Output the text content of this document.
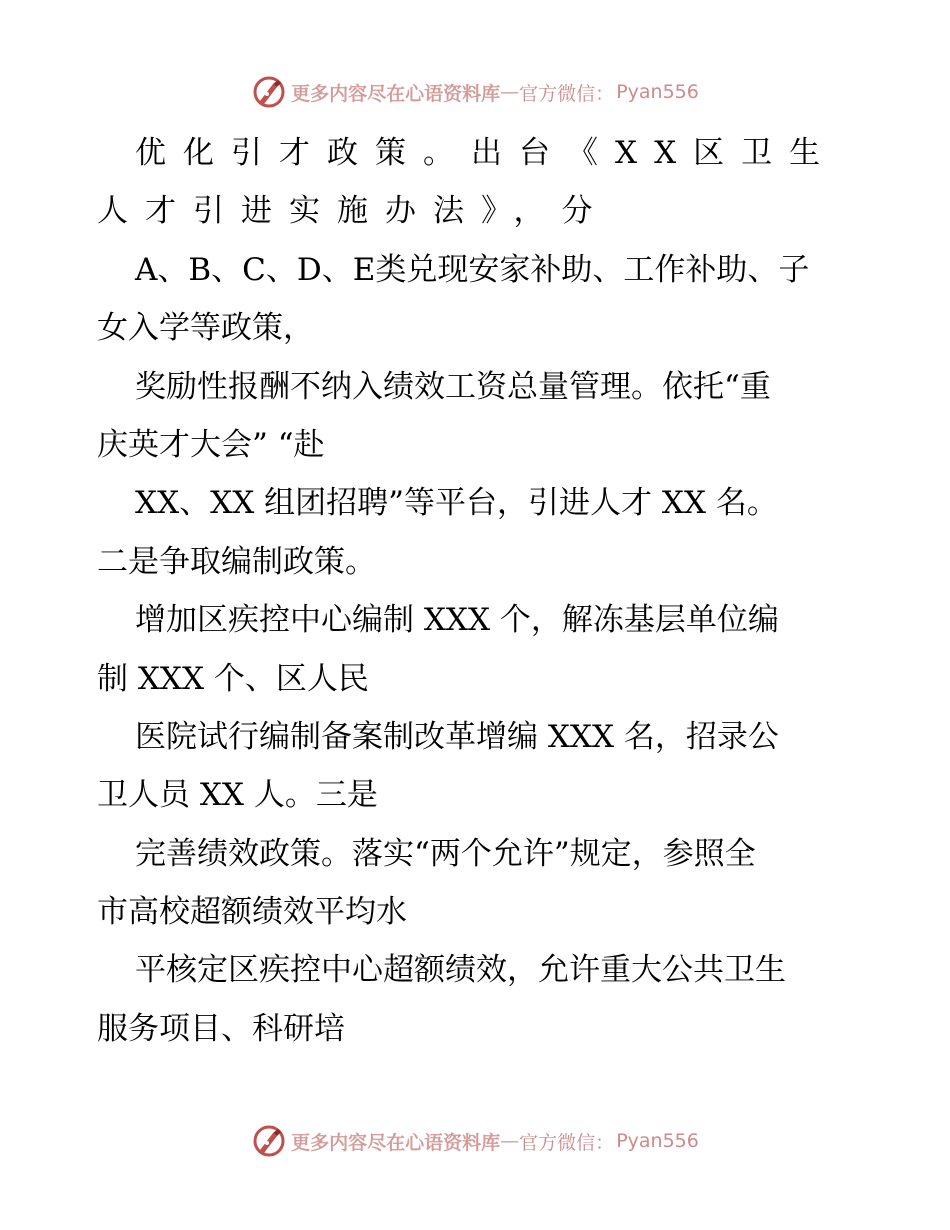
更多内容尽在心语资料库 — 官方微信 ： Pyan556
优化引才政策。出台《XX区卫生
人才引进实施办法》，分
A、B、C、D、E类兑现安家补助、工作补助、子
女入学等政策，
奖励性报酬不纳入绩效工资总量管理。依托“重
庆英才大会” “赴
XX、XX 组团招聘”等平台，引进人才 XX 名。
二是争取编制政策。
增加区疾控中心编制 XXX 个，解冻基层单位编
制 XXX 个、区人民
医院试行编制备案制改革增编 XXX 名，招录公
卫人员 XX 人。三是
完善绩效政策。落实“两个允许”规定，参照全
市高校超额绩效平均水
平核定区疾控中心超额绩效，允许重大公共卫生
服务项目、科研培
更多内容尽在心语资料库 — 官方微信 ： Pyan556
